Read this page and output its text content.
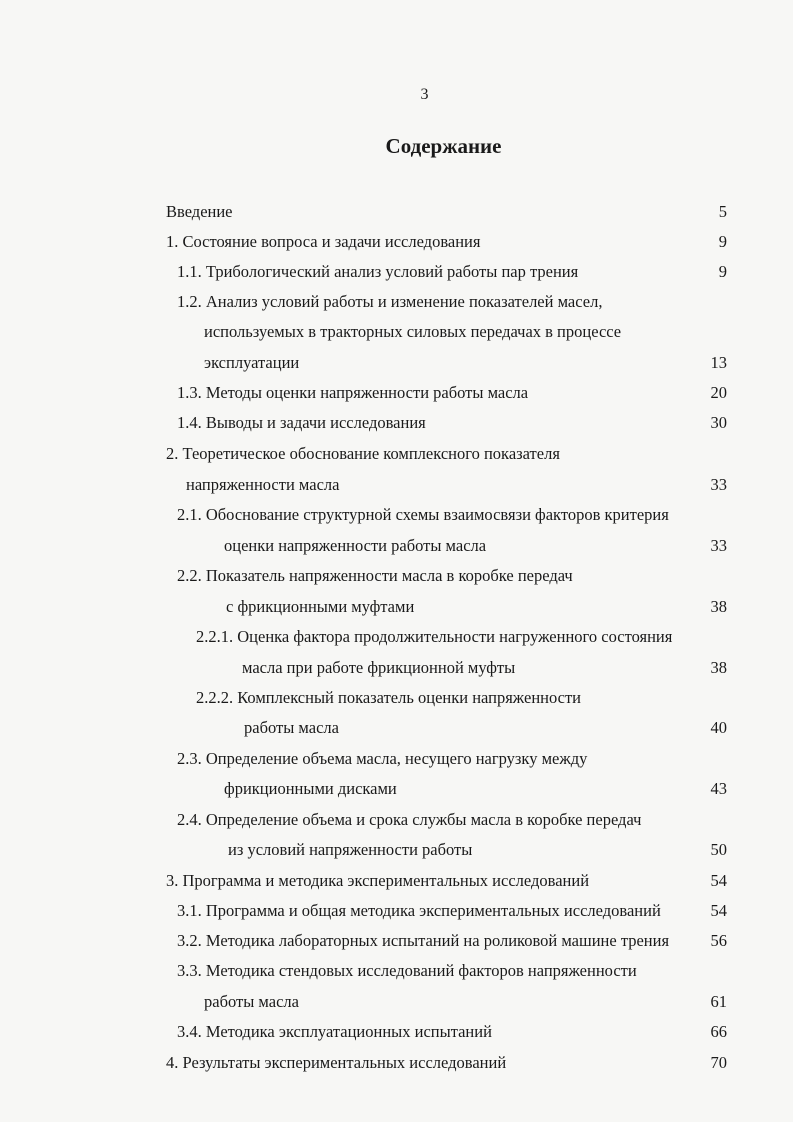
3
Содержание
Введение	5
1. Состояние вопроса и задачи исследования	9
1.1. Трибологический анализ условий работы пар трения	9
1.2. Анализ условий работы и изменение показателей масел,
используемых в тракторных силовых передачах в процессе
эксплуатации	13
1.3. Методы оценки напряженности работы масла	20
1.4. Выводы и задачи исследования	30
2. Теоретическое обоснование комплексного показателя
напряженности масла	33
2.1. Обоснование структурной схемы взаимосвязи факторов критерия
оценки напряженности работы масла	33
2.2. Показатель напряженности масла в коробке передач
с фрикционными муфтами	38
2.2.1. Оценка фактора продолжительности нагруженного состояния
масла при работе фрикционной муфты	38
2.2.2. Комплексный показатель оценки напряженности
работы масла	40
2.3. Определение объема масла, несущего нагрузку между
фрикционными дисками	43
2.4. Определение объема и срока службы масла в коробке передач
из условий напряженности работы	50
3. Программа и методика экспериментальных исследований	54
3.1. Программа и общая методика экспериментальных исследований	54
3.2. Методика лабораторных испытаний на роликовой машине трения	56
3.3. Методика стендовых исследований факторов напряженности
работы масла	61
3.4. Методика эксплуатационных испытаний	66
4. Результаты экспериментальных исследований	70
